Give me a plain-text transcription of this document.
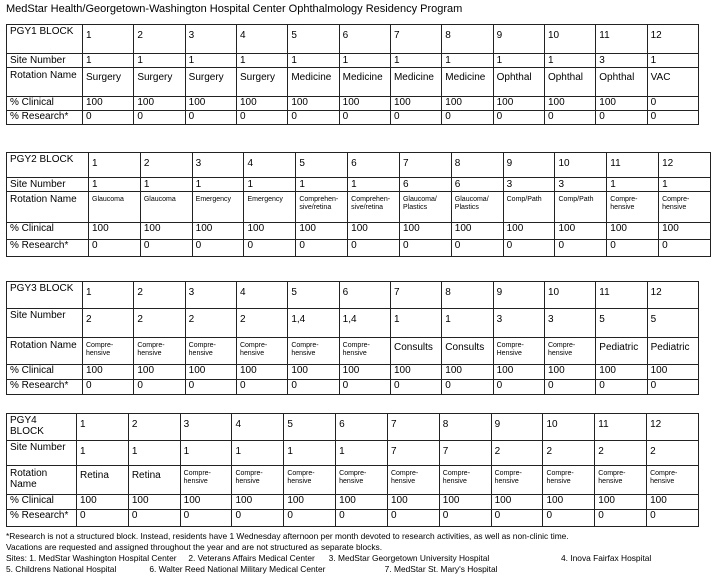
MedStar Health/Georgetown-Washington Hospital Center Ophthalmology Residency Program
PGY1 BLOCK	1	2	3	4	5	6	7	8	9	10	11	12
Site Number	1	1	1	1	1	1	1	1	1	1	3	1
Rotation Name	Surgery	Surgery	Surgery	Surgery	Medicine	Medicine	Medicine	Medicine	Ophthal	Ophthal	Ophthal	VAC
% Clinical	100	100	100	100	100	100	100	100	100	100	100	0
% Research*	0	0	0	0	0	0	0	0	0	0	0	0
PGY2 BLOCK	1	2	3	4	5	6	7	8	9	10	11	12
Site Number	1	1	1	1	1	1	6	6	3	3	1	1
Rotation Name	Glaucoma	Glaucoma	Emergency	Emergency	Comprehen-sive/retina	Comprehen-sive/retina	Glaucoma/ Plastics	Glaucoma/ Plastics	Comp/Path	Comp/Path	Compre-hensive	Compre-hensive
% Clinical	100	100	100	100	100	100	100	100	100	100	100	100
% Research*	0	0	0	0	0	0	0	0	0	0	0	0
PGY3 BLOCK	1	2	3	4	5	6	7	8	9	10	11	12
Site Number	2	2	2	2	1,4	1,4	1	1	3	3	5	5
Rotation Name	Compre-hensive	Compre-hensive	Compre-hensive	Compre-hensive	Compre-hensive	Compre-hensive	Consults	Consults	Compre-Hensive	Compre-hensive	Pediatric	Pediatric
% Clinical	100	100	100	100	100	100	100	100	100	100	100	100
% Research*	0	0	0	0	0	0	0	0	0	0	0	0
PGY4 BLOCK	1	2	3	4	5	6	7	8	9	10	11	12
Site Number	1	1	1	1	1	1	7	7	2	2	2	2
Rotation Name	Retina	Retina	Compre-hensive	Compre-hensive	Compre-hensive	Compre-hensive	Compre-hensive	Compre-hensive	Compre-hensive	Compre-hensive	Compre-hensive	Compre-hensive
% Clinical	100	100	100	100	100	100	100	100	100	100	100	100
% Research*	0	0	0	0	0	0	0	0	0	0	0	0
*Research is not a structured block. Instead, residents have 1 Wednesday afternoon per month devoted to research activities, as well as non-clinic time.
Vacations are requested and assigned throughout the year and are not structured as separate blocks.
Sites: 1. MedStar Washington Hospital Center 2. Veterans Affairs Medical Center 3. MedStar Georgetown University Hospital	4. Inova Fairfax Hospital
5. Childrens National Hospital	6. Walter Reed National Military Medical Center	7. MedStar St. Mary's Hospital
